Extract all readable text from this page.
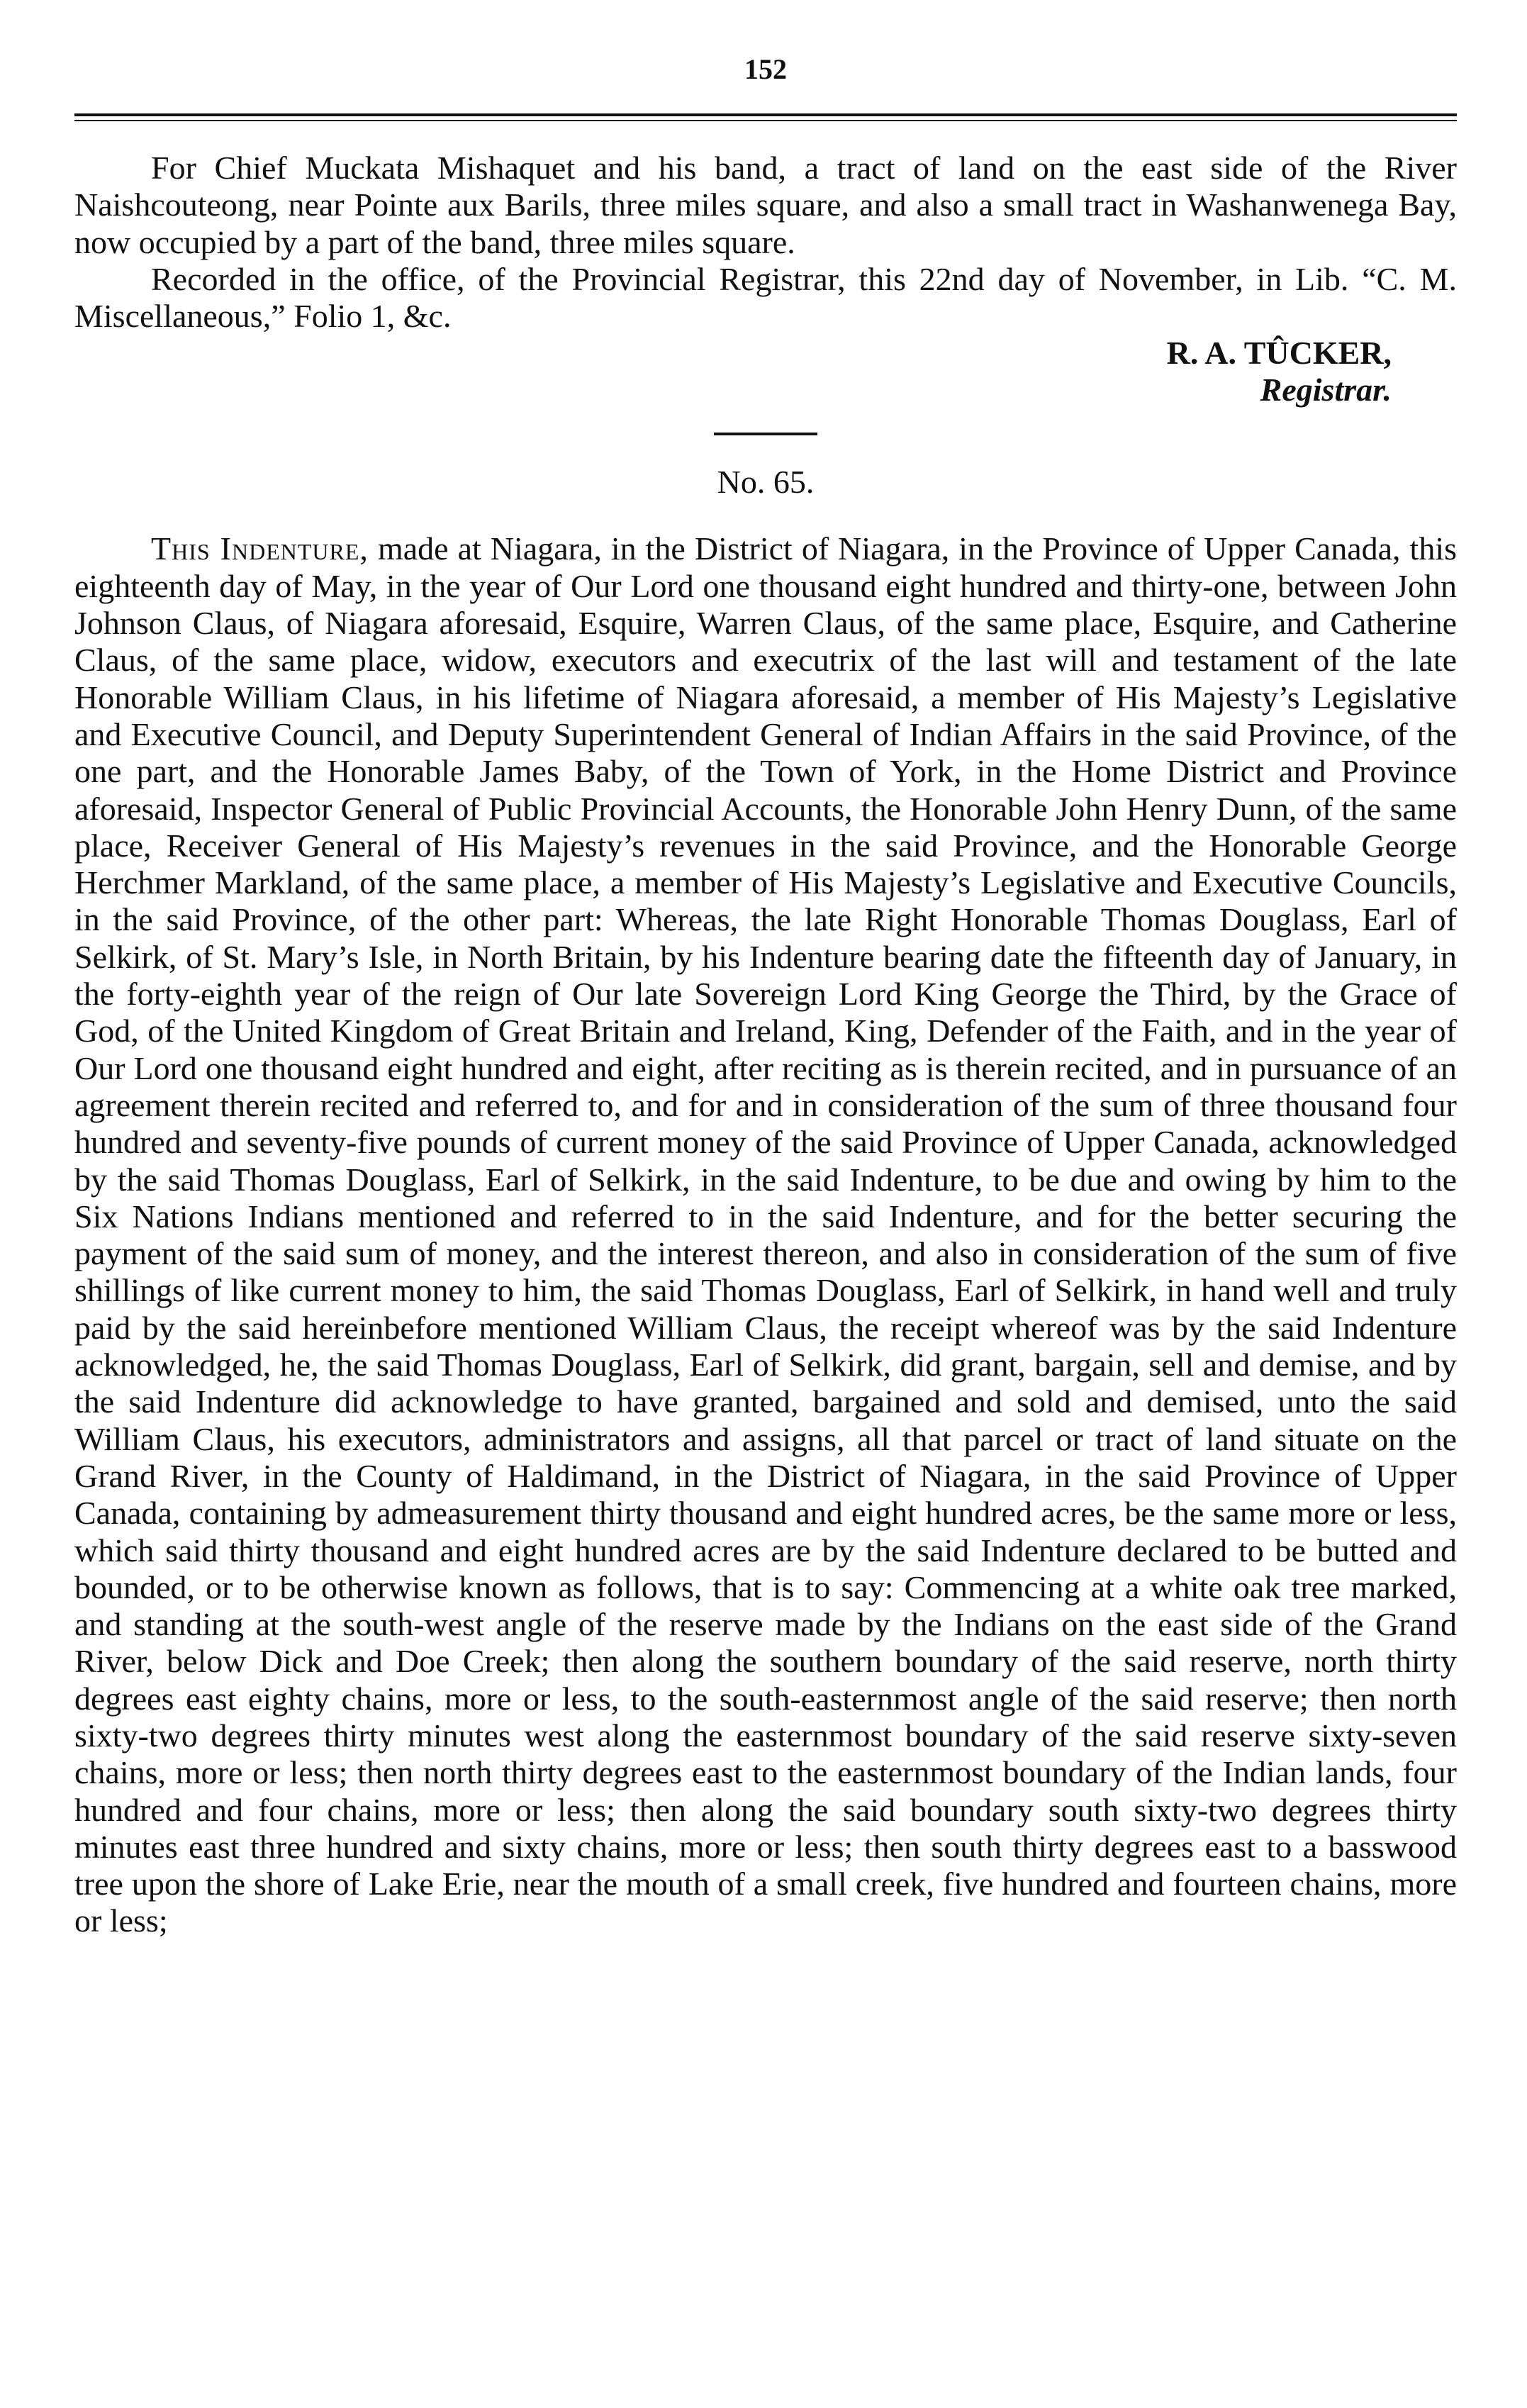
152

For Chief Muckata Mishaquet and his band, a tract of land on the east side of the River Naishcouteong, near Pointe aux Barils, three miles square, and also a small tract in Washanwenega Bay, now occupied by a part of the band, three miles square.

Recorded in the office, of the Provincial Registrar, this 22nd day of November, in Lib. “C. M. Miscellaneous,” Folio 1, &c.

R. A. TÛCKER,

Registrar.

No. 65.

This Indenture, made at Niagara, in the District of Niagara, in the Province of Upper Canada, this eighteenth day of May, in the year of Our Lord one thousand eight hundred and thirty-one, between John Johnson Claus, of Niagara aforesaid, Esquire, Warren Claus, of the same place, Esquire, and Catherine Claus, of the same place, widow, executors and executrix of the last will and testament of the late Honorable William Claus, in his lifetime of Niagara aforesaid, a member of His Majesty’s Legislative and Executive Council, and Deputy Superintendent General of Indian Affairs in the said Province, of the one part, and the Honorable James Baby, of the Town of York, in the Home District and Province aforesaid, Inspector General of Public Provincial Accounts, the Honorable John Henry Dunn, of the same place, Receiver General of His Majesty’s revenues in the said Province, and the Honorable George Herchmer Markland, of the same place, a member of His Majesty’s Legislative and Executive Councils, in the said Province, of the other part: Whereas, the late Right Honorable Thomas Douglass, Earl of Selkirk, of St. Mary’s Isle, in North Britain, by his Indenture bearing date the fifteenth day of January, in the forty-eighth year of the reign of Our late Sovereign Lord King George the Third, by the Grace of God, of the United Kingdom of Great Britain and Ireland, King, Defender of the Faith, and in the year of Our Lord one thousand eight hundred and eight, after reciting as is therein recited, and in pursuance of an agreement therein recited and referred to, and for and in consideration of the sum of three thousand four hundred and seventy-five pounds of current money of the said Province of Upper Canada, acknowledged by the said Thomas Douglass, Earl of Selkirk, in the said Indenture, to be due and owing by him to the Six Nations Indians mentioned and referred to in the said Indenture, and for the better securing the payment of the said sum of money, and the interest thereon, and also in consideration of the sum of five shillings of like current money to him, the said Thomas Douglass, Earl of Selkirk, in hand well and truly paid by the said hereinbefore mentioned William Claus, the receipt whereof was by the said Indenture acknowledged, he, the said Thomas Douglass, Earl of Selkirk, did grant, bargain, sell and demise, and by the said Indenture did acknowledge to have granted, bargained and sold and demised, unto the said William Claus, his executors, administrators and assigns, all that parcel or tract of land situate on the Grand River, in the County of Haldimand, in the District of Niagara, in the said Province of Upper Canada, containing by admeasurement thirty thousand and eight hundred acres, be the same more or less, which said thirty thousand and eight hundred acres are by the said Indenture declared to be butted and bounded, or to be otherwise known as follows, that is to say: Commencing at a white oak tree marked, and standing at the south-west angle of the reserve made by the Indians on the east side of the Grand River, below Dick and Doe Creek; then along the southern boundary of the said reserve, north thirty degrees east eighty chains, more or less, to the south-easternmost angle of the said reserve; then north sixty-two degrees thirty minutes west along the easternmost boundary of the said reserve sixty-seven chains, more or less; then north thirty degrees east to the easternmost boundary of the Indian lands, four hundred and four chains, more or less; then along the said boundary south sixty-two degrees thirty minutes east three hundred and sixty chains, more or less; then south thirty degrees east to a basswood tree upon the shore of Lake Erie, near the mouth of a small creek, five hundred and fourteen chains, more or less;
